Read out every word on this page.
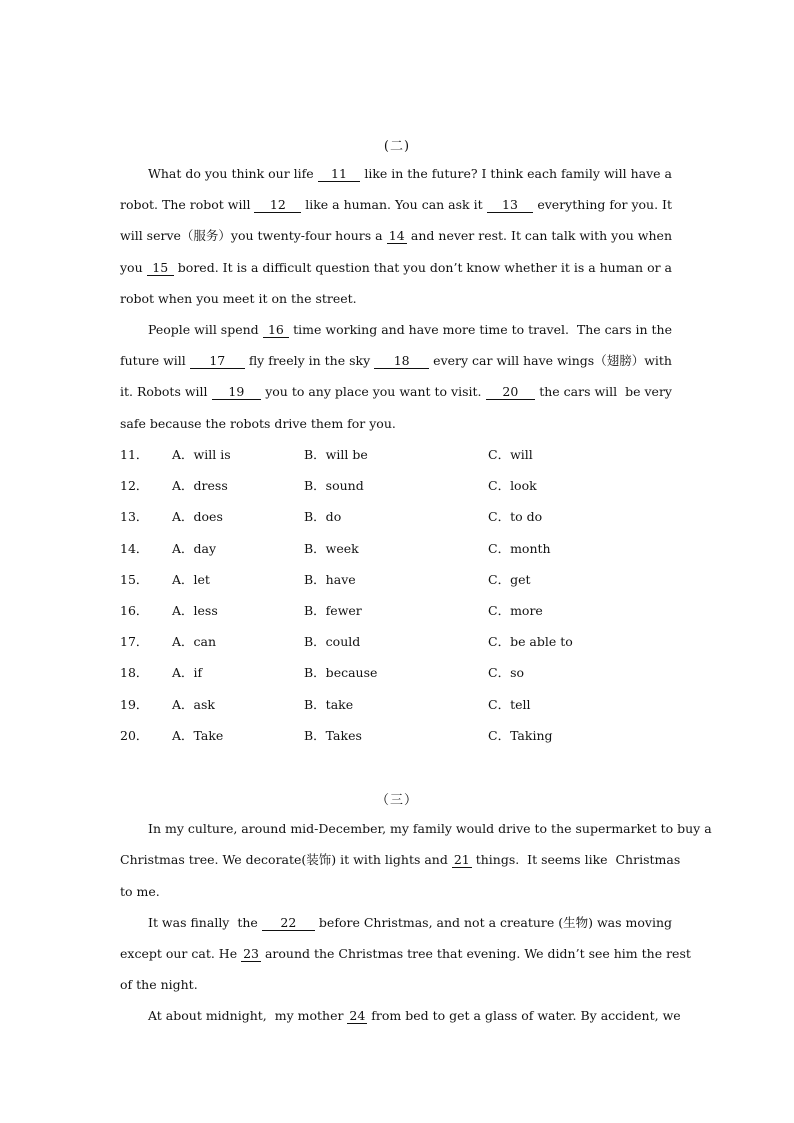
(二)
What do you think our life	11	like in the future? I think each family will have a
robot. The robot will	12	like a human. You can ask it	13	everything for you. It
will serve（服务）you twenty-four hours a 14 and never rest. It can talk with you when
you 15 bored. It is a difficult question that you don’t know whether it is a human or a
robot when you meet it on the street.
People will spend 16 time working and have more time to travel.  The cars in the
future will	17	fly freely in the sky	18	every car will have wings（翅膀）with
it. Robots will	19	you to any place you want to visit.	20	the cars will  be very
safe because the robots drive them for you.
11． A．will is	B．will be	C．will
12． A．dress	B．sound	C．look
13． A．does	B．do	C．to do
14． A．day	B．week	C．month
15． A．let	B．have	C．get
16． A．less	B．fewer	C．more
17． A．can	B．could	C．be able to
18． A．if	B．because	C．so
19． A．ask	B．take	C．tell
20． A．Take	B．Takes	C．Taking
（三）
In my culture, around mid-December, my family would drive to the supermarket to buy a
Christmas tree. We decorate(装饰) it with lights and 21 things.  It seems like  Christmas
to me.
It was finally  the	22	before Christmas, and not a creature (生物) was moving
except our cat. He 23 around the Christmas tree that evening. We didn’t see him the rest
of the night.
At about midnight,  my mother 24 from bed to get a glass of water. By accident, we
